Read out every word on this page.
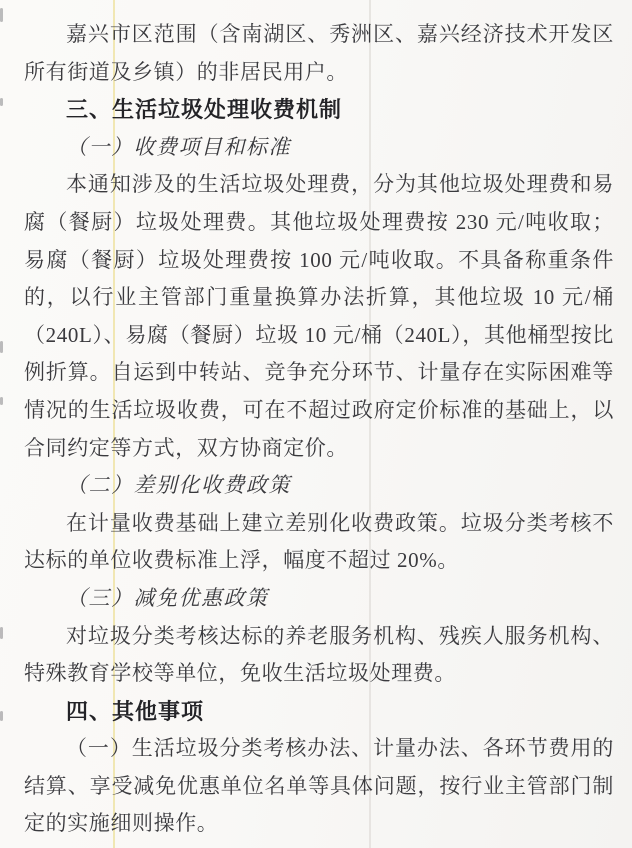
嘉兴市区范围（含南湖区、秀洲区、嘉兴经济技术开发区所有街道及乡镇）的非居民用户。

三、生活垃圾处理收费机制

（一）收费项目和标准

本通知涉及的生活垃圾处理费，分为其他垃圾处理费和易腐（餐厨）垃圾处理费。其他垃圾处理费按 230 元/吨收取；易腐（餐厨）垃圾处理费按 100 元/吨收取。不具备称重条件的，以行业主管部门重量换算办法折算，其他垃圾 10 元/桶（240L）、易腐（餐厨）垃圾 10 元/桶（240L），其他桶型按比例折算。自运到中转站、竞争充分环节、计量存在实际困难等情况的生活垃圾收费，可在不超过政府定价标准的基础上，以合同约定等方式，双方协商定价。

（二）差别化收费政策

在计量收费基础上建立差别化收费政策。垃圾分类考核不达标的单位收费标准上浮，幅度不超过 20%。

（三）减免优惠政策

对垃圾分类考核达标的养老服务机构、残疾人服务机构、特殊教育学校等单位，免收生活垃圾处理费。

四、其他事项

（一）生活垃圾分类考核办法、计量办法、各环节费用的结算、享受减免优惠单位名单等具体问题，按行业主管部门制定的实施细则操作。
